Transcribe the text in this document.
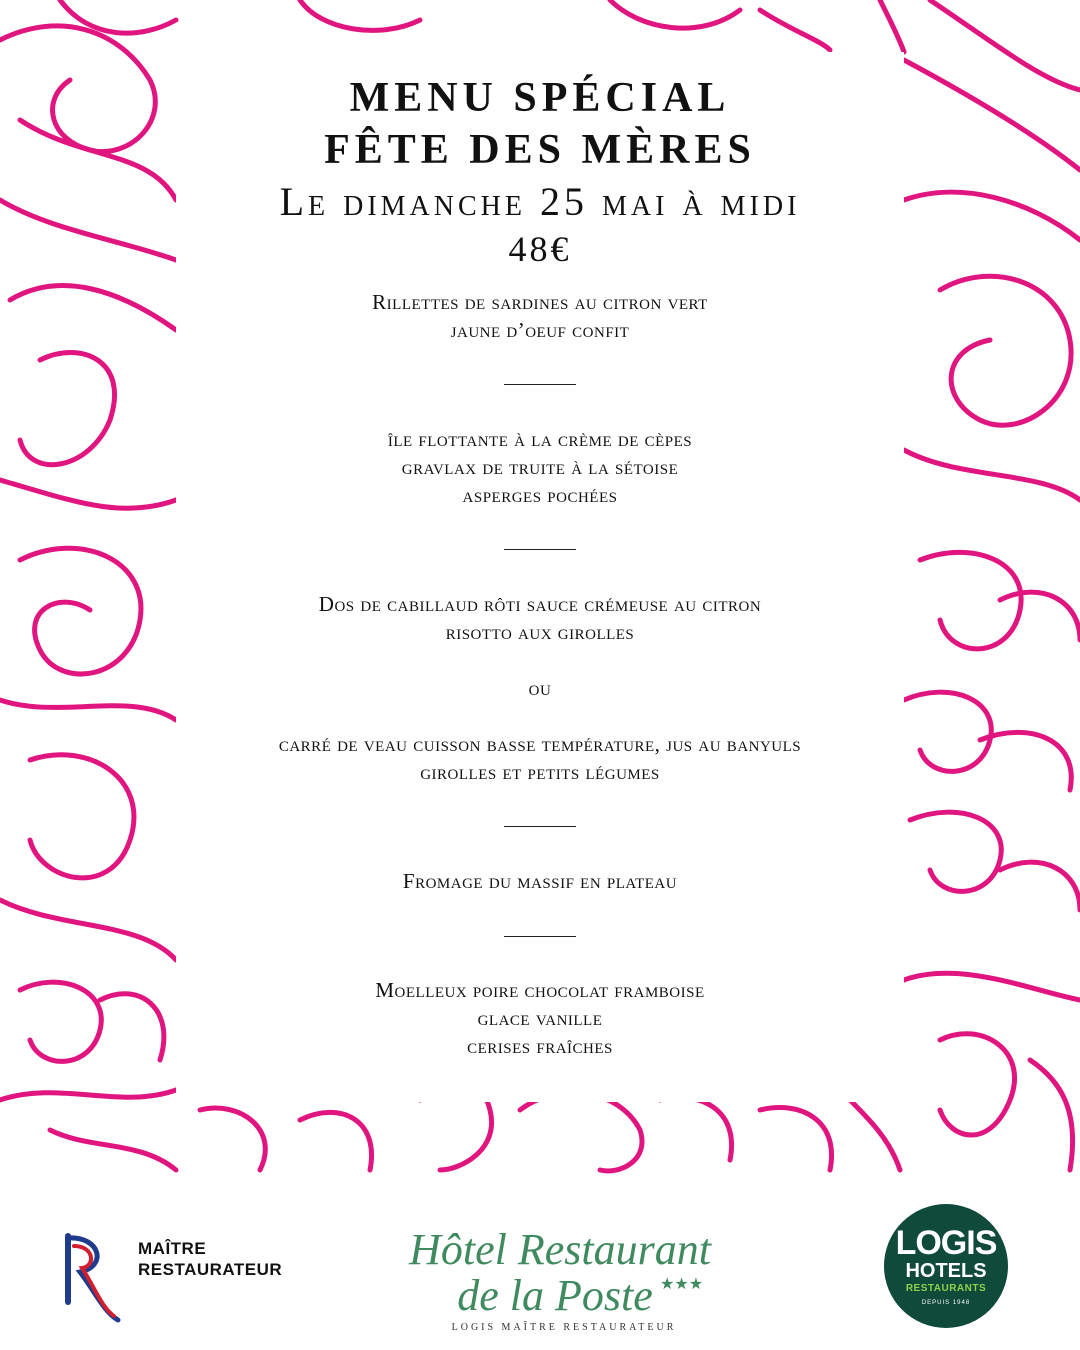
MENU SPÉCIAL
FÊTE DES MÈRES
Le dimanche 25 mai à midi
48€
Rillettes de sardines au citron vert
jaune d’oeuf confit
île flottante à la crème de cèpes
gravlax de truite à la sétoise
asperges pochées
Dos de cabillaud rôti sauce crémeuse au citron
risotto aux girolles
ou
carré de veau cuisson basse température, jus au banyuls
girolles et petits légumes
Fromage du massif en plateau
Moelleux poire chocolat framboise
glace vanille
cerises fraîches
MAÎTRE
RESTAURATEUR	Hôtel Restaurant
de la Poste ★★★
LOGIS MAÎTRE RESTAURATEUR
LOGIS
HOTELS
RESTAURANTS
DEPUIS 1948
